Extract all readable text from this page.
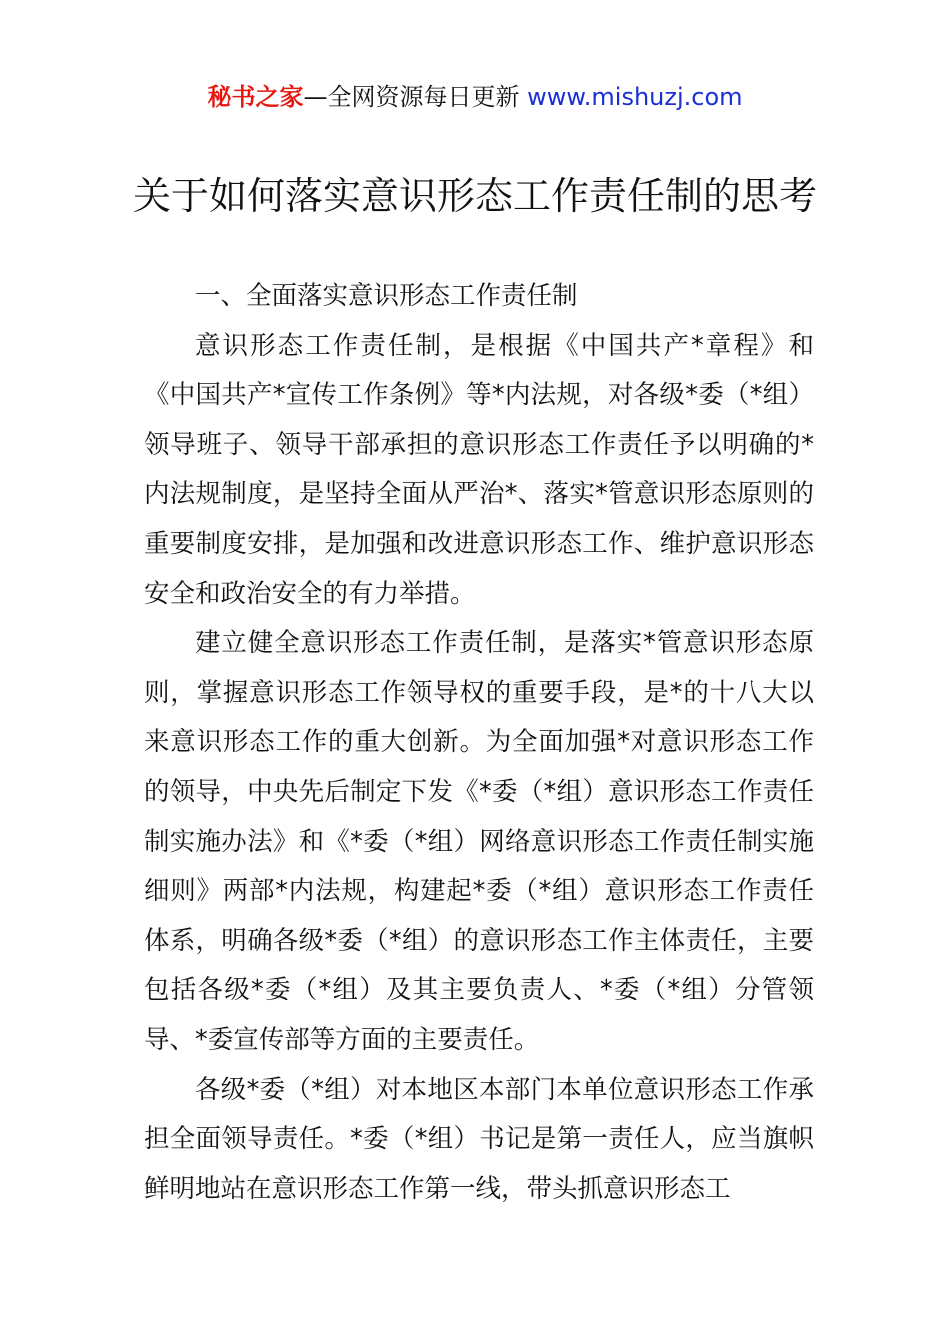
秘书之家—全网资源每日更新 www.mishuzj.com
关于如何落实意识形态工作责任制的思考
一、全面落实意识形态工作责任制

意识形态工作责任制，是根据《中国共产*章程》和《中国共产*宣传工作条例》等*内法规，对各级*委（*组）领导班子、领导干部承担的意识形态工作责任予以明确的*内法规制度，是坚持全面从严治*、落实*管意识形态原则的重要制度安排，是加强和改进意识形态工作、维护意识形态安全和政治安全的有力举措。

建立健全意识形态工作责任制，是落实*管意识形态原则，掌握意识形态工作领导权的重要手段，是*的十八大以来意识形态工作的重大创新。为全面加强*对意识形态工作的领导，中央先后制定下发《*委（*组）意识形态工作责任制实施办法》和《*委（*组）网络意识形态工作责任制实施细则》两部*内法规，构建起*委（*组）意识形态工作责任体系，明确各级*委（*组）的意识形态工作主体责任，主要包括各级*委（*组）及其主要负责人、*委（*组）分管领导、*委宣传部等方面的主要责任。

各级*委（*组）对本地区本部门本单位意识形态工作承担全面领导责任。*委（*组）书记是第一责任人，应当旗帜鲜明地站在意识形态工作第一线，带头抓意识形态工
